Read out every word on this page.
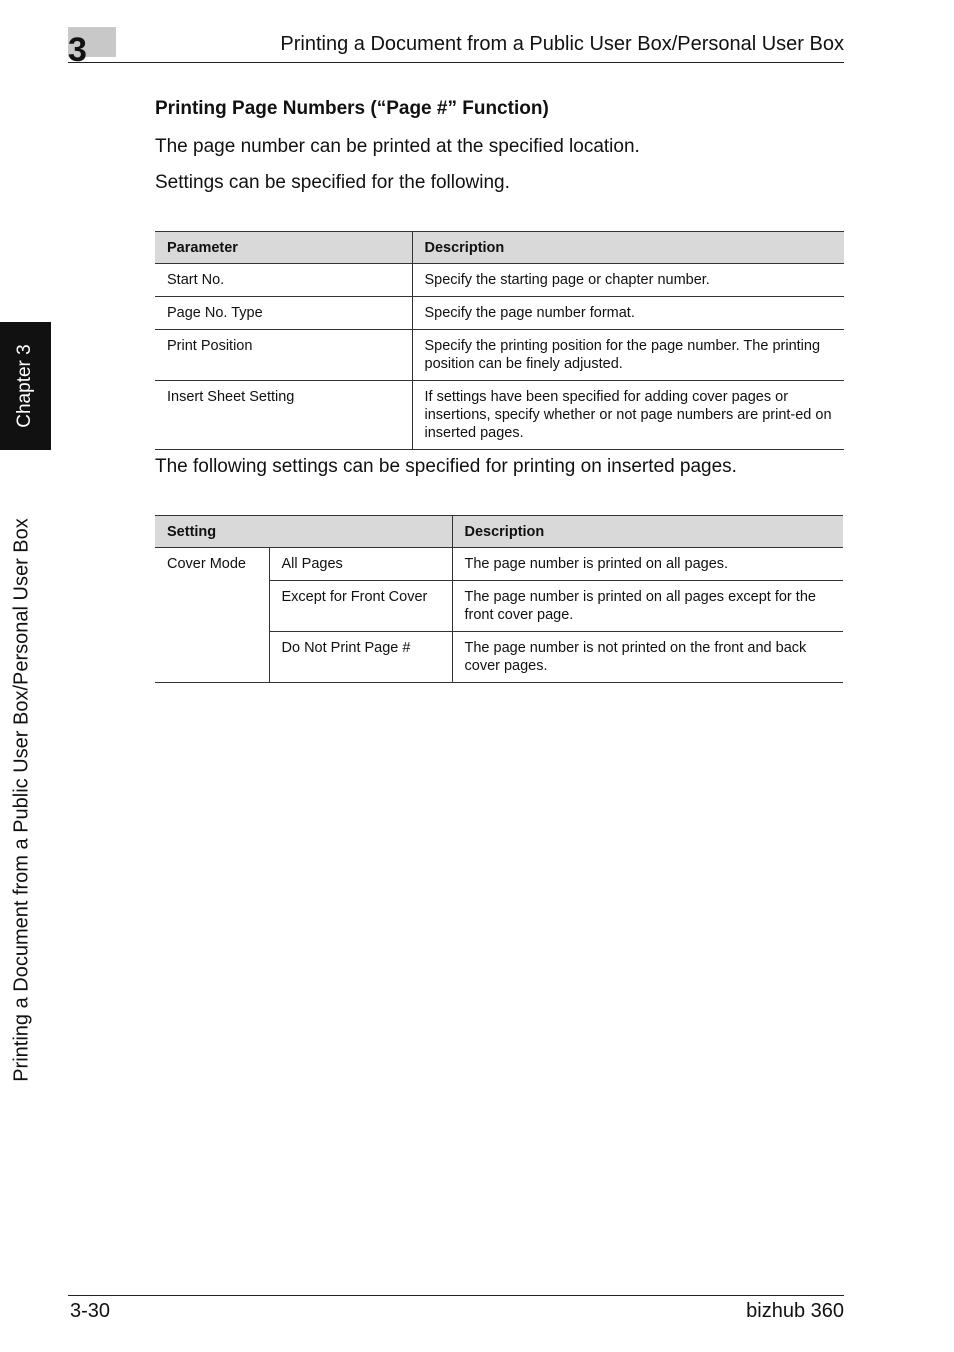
3	Printing a Document from a Public User Box/Personal User Box
Chapter 3
Printing a Document from a Public User Box/Personal User Box
Printing Page Numbers (“Page #” Function)
The page number can be printed at the specified location.
Settings can be specified for the following.
Parameter	Description
Start No.	Specify the starting page or chapter number.
Page No. Type	Specify the page number format.
Print Position	Specify the printing position for the page number. The printing position can be finely adjusted.
Insert Sheet Setting	If settings have been specified for adding cover pages or insertions, specify whether or not page numbers are print-ed on inserted pages.
The following settings can be specified for printing on inserted pages.
Setting		Description
Cover Mode	All Pages	The page number is printed on all pages.
	Except for Front Cover	The page number is printed on all pages except for the front cover page.
	Do Not Print Page #	The page number is not printed on the front and back cover pages.
3-30	bizhub 360
